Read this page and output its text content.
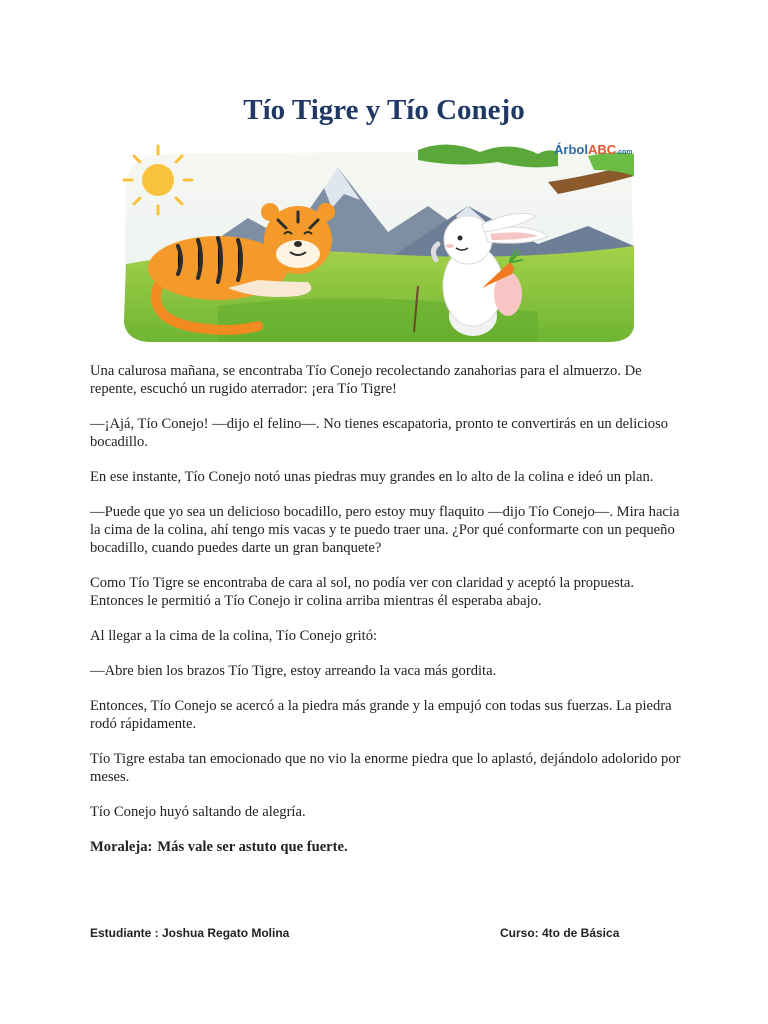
Tío Tigre y Tío Conejo
ÁrbolABC.com

Una calurosa mañana, se encontraba Tío Conejo recolectando zanahorias para el almuerzo. De repente, escuchó un rugido aterrador: ¡era Tío Tigre!

—¡Ajá, Tío Conejo! —dijo el felino—. No tienes escapatoria, pronto te convertirás en un delicioso bocadillo.

En ese instante, Tío Conejo notó unas piedras muy grandes en lo alto de la colina e ideó un plan.

—Puede que yo sea un delicioso bocadillo, pero estoy muy flaquito —dijo Tío Conejo—. Mira hacia la cima de la colina, ahí tengo mis vacas y te puedo traer una. ¿Por qué conformarte con un pequeño bocadillo, cuando puedes darte un gran banquete?

Como Tío Tigre se encontraba de cara al sol, no podía ver con claridad y aceptó la propuesta. Entonces le permitió a Tío Conejo ir colina arriba mientras él esperaba abajo.

Al llegar a la cima de la colina, Tío Conejo gritó:

—Abre bien los brazos Tío Tigre, estoy arreando la vaca más gordita.

Entonces, Tío Conejo se acercó a la piedra más grande y la empujó con todas sus fuerzas. La piedra rodó rápidamente.

Tío Tigre estaba tan emocionado que no vio la enorme piedra que lo aplastó, dejándolo adolorido por meses.

Tío Conejo huyó saltando de alegría.

Moraleja: Más vale ser astuto que fuerte.

Estudiante : Joshua Regato Molina	Curso: 4to de Básica
